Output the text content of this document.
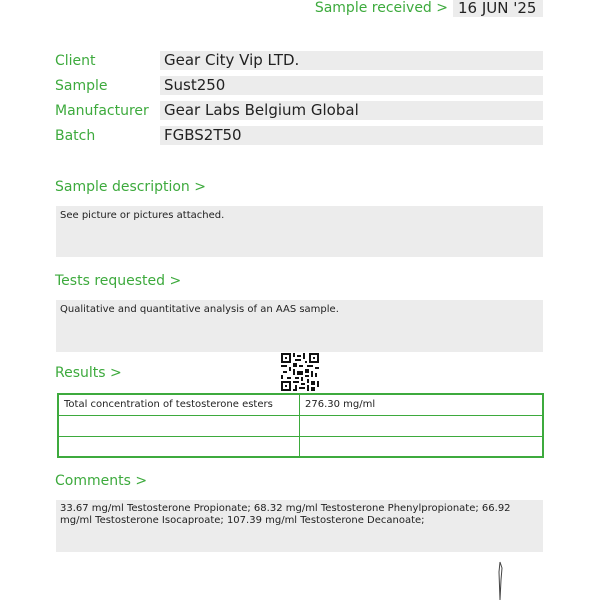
Sample received > 16 JUN '25
Client	Gear City Vip LTD.
Sample	Sust250
Manufacturer Gear Labs Belgium Global
Batch	FGBS2T50
Sample description >
See picture or pictures attached.
Tests requested >
Qualitative and quantitative analysis of an AAS sample.
Results >
Total concentration of testosterone esters	276.30 mg/ml
Comments >
33.67 mg/ml Testosterone Propionate; 68.32 mg/ml Testosterone Phenylpropionate; 66.92 mg/ml Testosterone Isocaproate; 107.39 mg/ml Testosterone Decanoate;
